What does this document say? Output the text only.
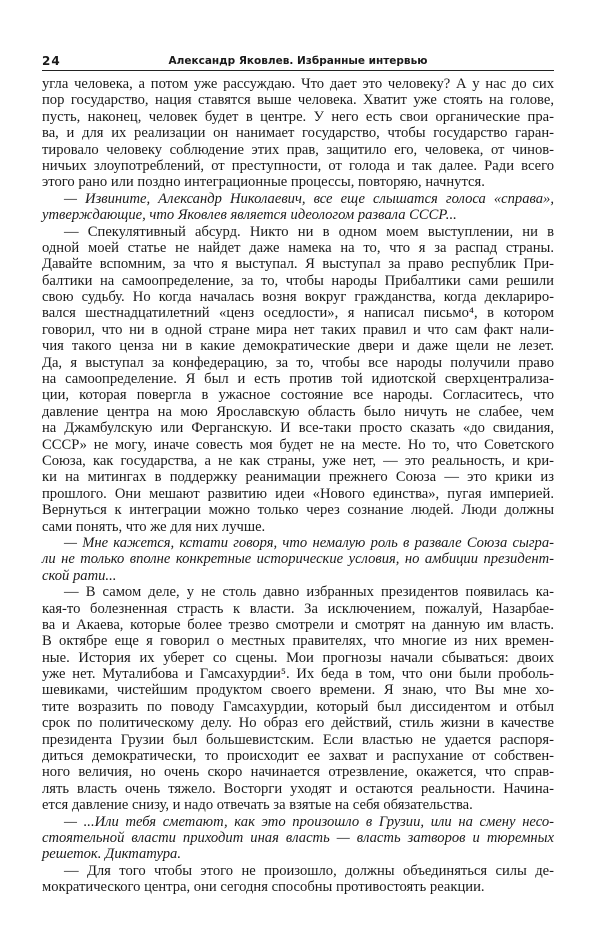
24	Александр Яковлев. Избранные интервью
угла человека, а потом уже рассуждаю. Что дает это человеку? А у нас до сих
пор государство, нация ставятся выше человека. Хватит уже стоять на голове,
пусть, наконец, человек будет в центре. У него есть свои органические пра-
ва, и для их реализации он нанимает государство, чтобы государство гаран-
тировало человеку соблюдение этих прав, защитило его, человека, от чинов-
ничьих злоупотреблений, от преступности, от голода и так далее. Ради всего
этого рано или поздно интеграционные процессы, повторяю, начнутся.
— Извините, Александр Николаевич, все еще слышатся голоса «справа»,
утверждающие, что Яковлев является идеологом развала СССР...
— Спекулятивный абсурд. Никто ни в одном моем выступлении, ни в
одной моей статье не найдет даже намека на то, что я за распад страны.
Давайте вспомним, за что я выступал. Я выступал за право республик При-
балтики на самоопределение, за то, чтобы народы Прибалтики сами решили
свою судьбу. Но когда началась возня вокруг гражданства, когда деклариро-
вался шестнадцатилетний «ценз оседлости», я написал письмо⁴, в котором
говорил, что ни в одной стране мира нет таких правил и что сам факт нали-
чия такого ценза ни в какие демократические двери и даже щели не лезет.
Да, я выступал за конфедерацию, за то, чтобы все народы получили право
на самоопределение. Я был и есть против той идиотской сверхцентрализа-
ции, которая повергла в ужасное состояние все народы. Согласитесь, что
давление центра на мою Ярославскую область было ничуть не слабее, чем
на Джамбулскую или Ферганскую. И все-таки просто сказать «до свидания,
СССР» не могу, иначе совесть моя будет не на месте. Но то, что Советского
Союза, как государства, а не как страны, уже нет, — это реальность, и кри-
ки на митингах в поддержку реанимации прежнего Союза — это крики из
прошлого. Они мешают развитию идеи «Нового единства», пугая империей.
Вернуться к интеграции можно только через сознание людей. Люди должны
сами понять, что же для них лучше.
— Мне кажется, кстати говоря, что немалую роль в развале Союза сыгра-
ли не только вполне конкретные исторические условия, но амбиции президент-
ской рати...
— В самом деле, у не столь давно избранных президентов появилась ка-
кая-то болезненная страсть к власти. За исключением, пожалуй, Назарбае-
ва и Акаева, которые более трезво смотрели и смотрят на данную им власть.
В октябре еще я говорил о местных правителях, что многие из них времен-
ные. История их уберет со сцены. Мои прогнозы начали сбываться: двоих
уже нет. Муталибова и Гамсахурдии⁵. Их беда в том, что они были проболь-
шевиками, чистейшим продуктом своего времени. Я знаю, что Вы мне хо-
тите возразить по поводу Гамсахурдии, который был диссидентом и отбыл
срок по политическому делу. Но образ его действий, стиль жизни в качестве
президента Грузии был большевистским. Если властью не удается распоря-
диться демократически, то происходит ее захват и распухание от собствен-
ного величия, но очень скоро начинается отрезвление, окажется, что справ-
лять власть очень тяжело. Восторги уходят и остаются реальности. Начина-
ется давление снизу, и надо отвечать за взятые на себя обязательства.
— ...Или тебя сметают, как это произошло в Грузии, или на смену несо-
стоятельной власти приходит иная власть — власть затворов и тюремных
решеток. Диктатура.
— Для того чтобы этого не произошло, должны объединяться силы де-
мократического центра, они сегодня способны противостоять реакции.
